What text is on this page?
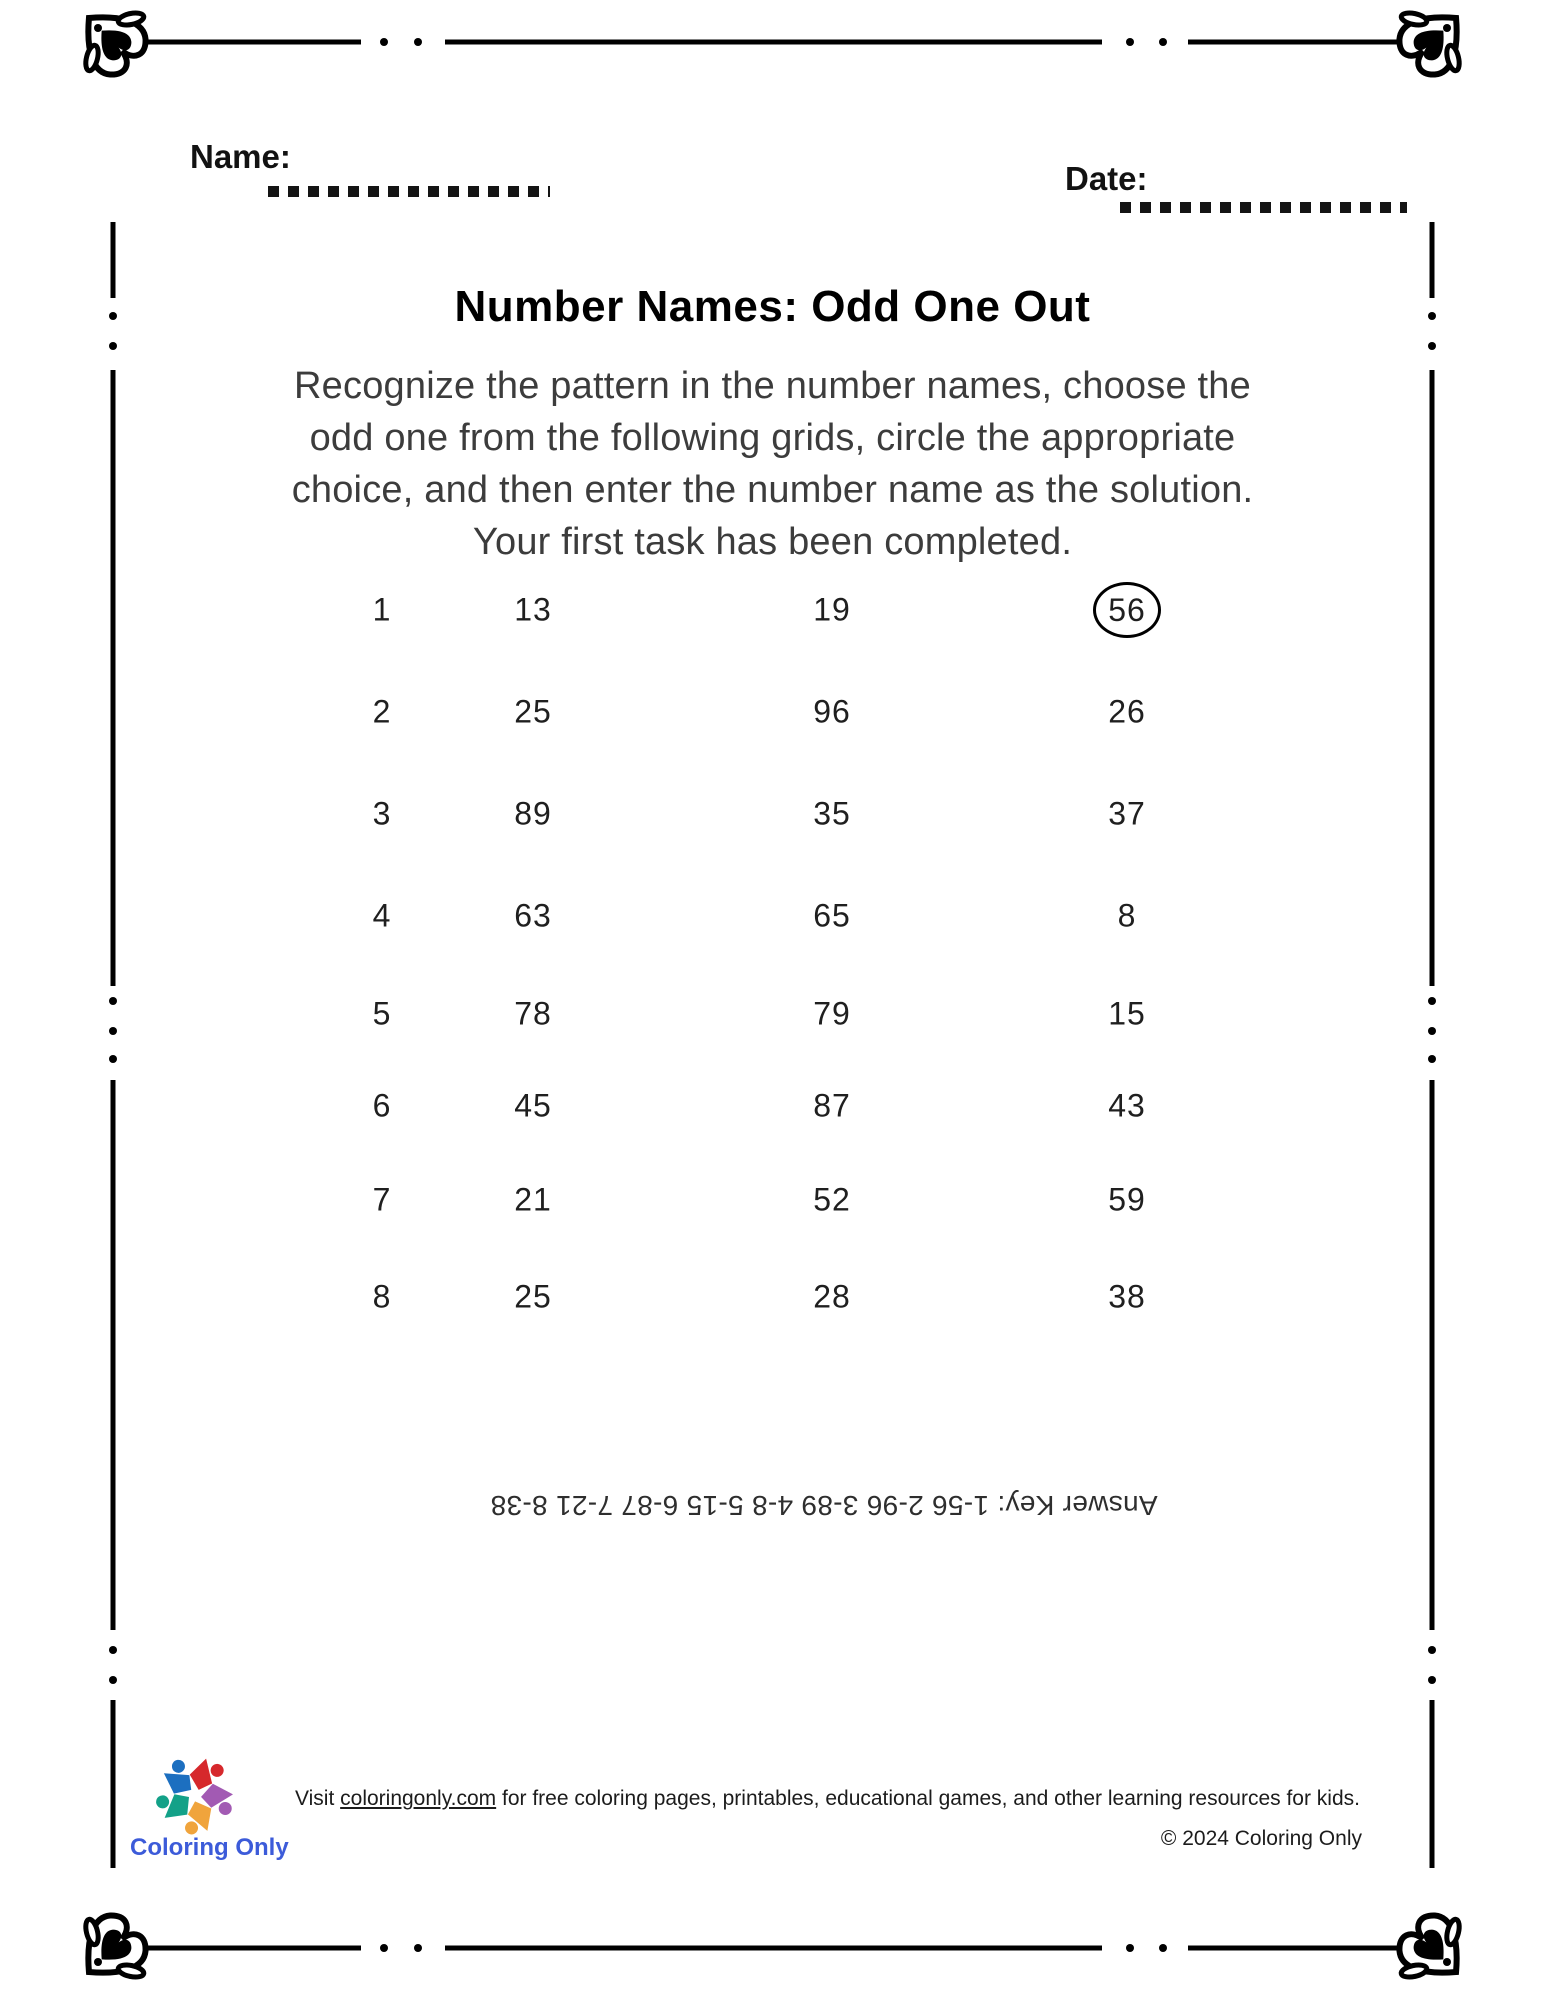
Name:
Date:
Number Names: Odd One Out
Recognize the pattern in the number names, choose the
odd one from the following grids, circle the appropriate
choice, and then enter the number name as the solution.
Your first task has been completed.
1	13	19	56
2	25	96	26
3	89	35	37
4	63	65	8
5	78	79	15
6	45	87	43
7	21	52	59
8	25	28	38
Answer Key: 1-56 2-96 3-89 4-8 5-15 6-87 7-21 8-38
Coloring Only
Visit coloringonly.com for free coloring pages, printables, educational games, and other learning resources for kids.
© 2024 Coloring Only
